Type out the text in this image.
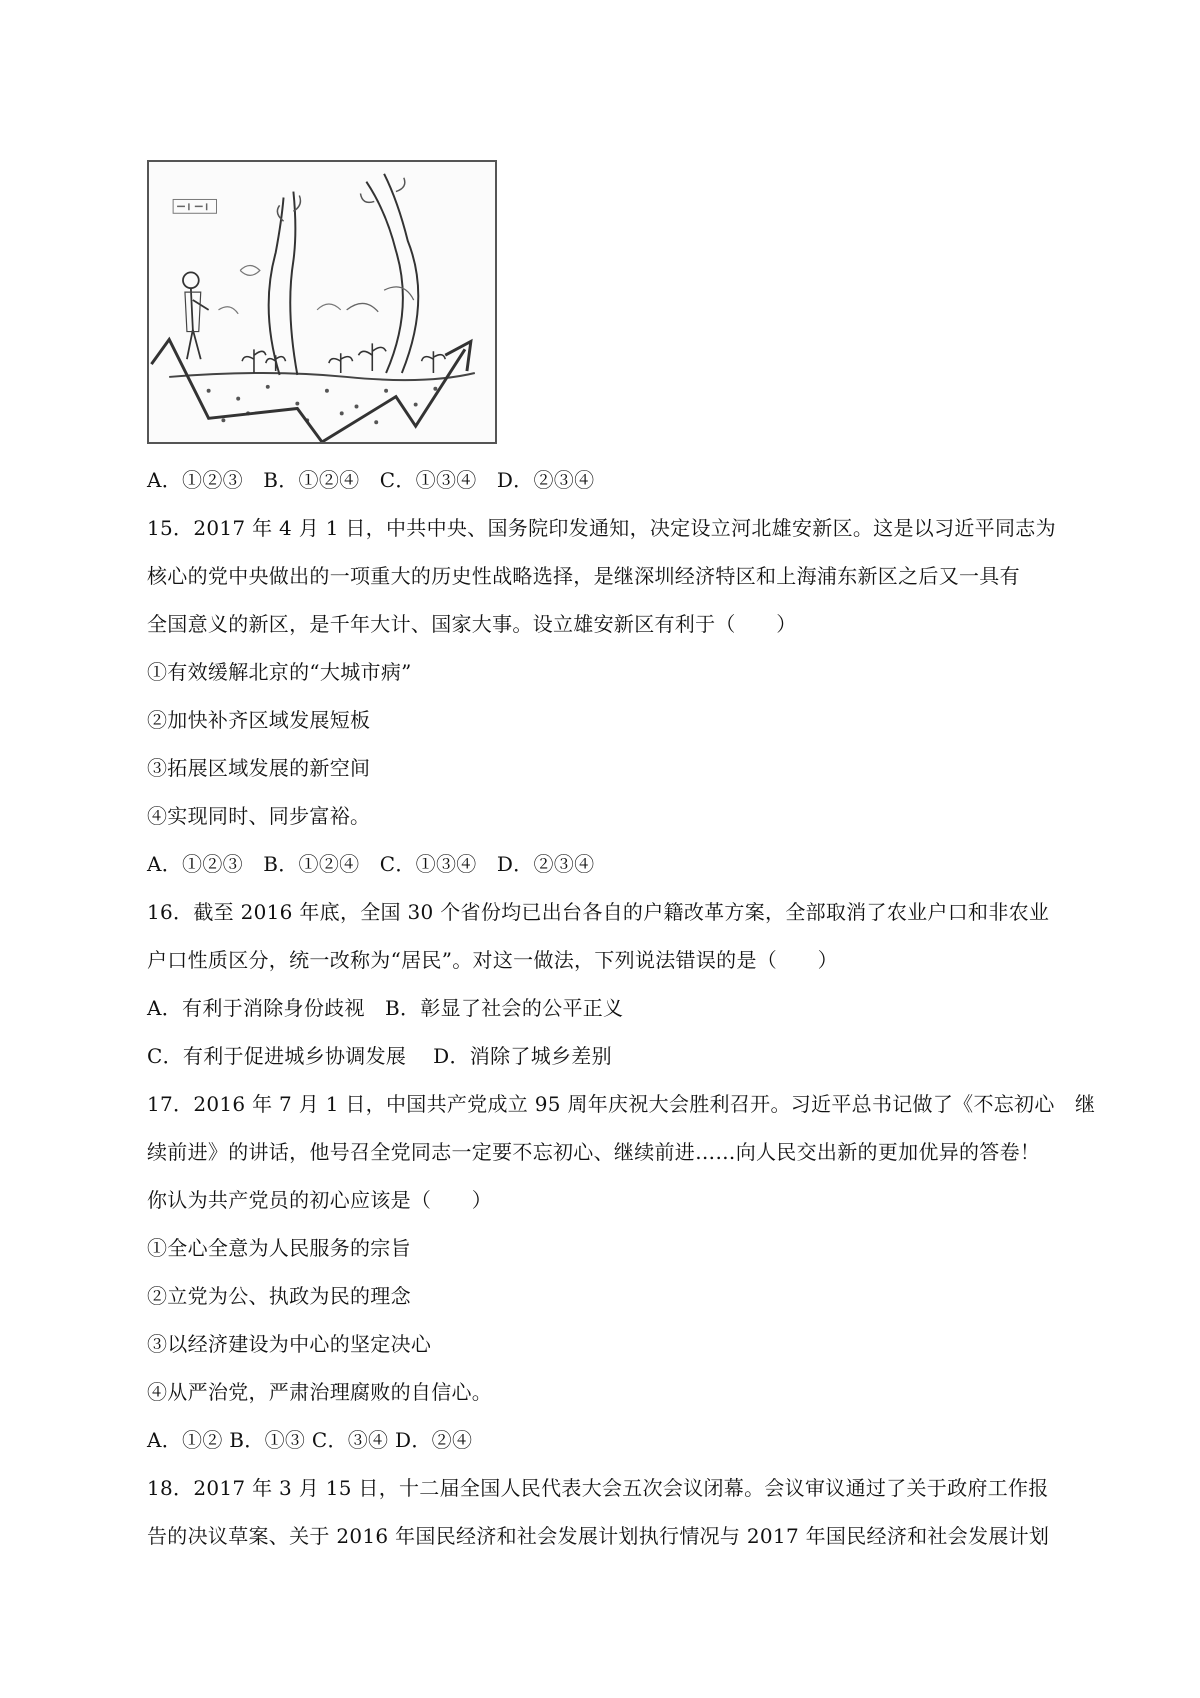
A．①②③　B．①②④　C．①③④　D．②③④
15．2017 年 4 月 1 日，中共中央、国务院印发通知，决定设立河北雄安新区。这是以习近平同志为
核心的党中央做出的一项重大的历史性战略选择，是继深圳经济特区和上海浦东新区之后又一具有
全国意义的新区，是千年大计、国家大事。设立雄安新区有利于（　　）
①有效缓解北京的“大城市病”
②加快补齐区域发展短板
③拓展区域发展的新空间
④实现同时、同步富裕。
A．①②③　B．①②④　C．①③④　D．②③④
16．截至 2016 年底，全国 30 个省份均已出台各自的户籍改革方案，全部取消了农业户口和非农业
户口性质区分，统一改称为“居民”。对这一做法，下列说法错误的是（　　）
A．有利于消除身份歧视　B．彰显了社会的公平正义
C．有利于促进城乡协调发展　 D．消除了城乡差别
17．2016 年 7 月 1 日，中国共产党成立 95 周年庆祝大会胜利召开。习近平总书记做了《不忘初心　继
续前进》的讲话，他号召全党同志一定要不忘初心、继续前进……向人民交出新的更加优异的答卷！
你认为共产党员的初心应该是（　　）
①全心全意为人民服务的宗旨
②立党为公、执政为民的理念
③以经济建设为中心的坚定决心
④从严治党，严肃治理腐败的自信心。
A．①② B．①③ C．③④ D．②④
18．2017 年 3 月 15 日，十二届全国人民代表大会五次会议闭幕。会议审议通过了关于政府工作报
告的决议草案、关于 2016 年国民经济和社会发展计划执行情况与 2017 年国民经济和社会发展计划
